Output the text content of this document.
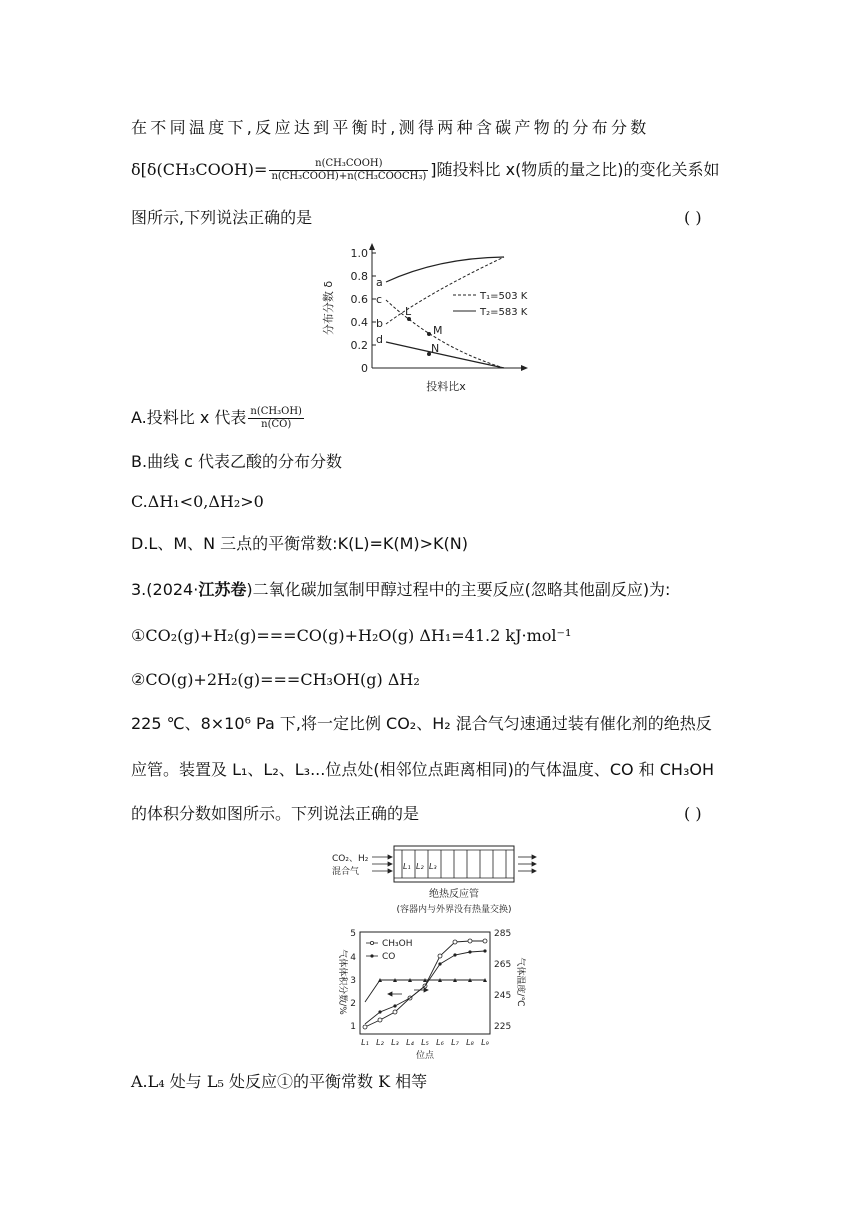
在不同温度下,反应达到平衡时,测得两种含碳产物的分布分数
δ[δ(CH₃COOH)= $\frac{\text{n(CH₃COOH)}}{\text{n(CH₃COOH)+n(CH₃COOCH₃)}}$ ]随投料比 x(物质的量之比)的变化关系如
图所示,下列说法正确的是	( )
1.0
0.8
0.6
0.4
0.2
0
分布分数 δ
投料比x
a
b
c
d
L
M
N
T₁=503 K
T₂=583 K
A.投料比 x 代表 $\frac{\text{n(CH₃OH)}}{n(CO)}$
B.曲线 c 代表乙酸的分布分数
C.ΔH₁<0,ΔH₂>0
D.L、M、N 三点的平衡常数:K(L)=K(M)>K(N)
3.(2024·江苏卷)二氧化碳加氢制甲醇过程中的主要反应(忽略其他副反应)为:
①CO₂(g)+H₂(g)===CO(g)+H₂O(g) ΔH₁=41.2 kJ·mol⁻¹
②CO(g)+2H₂(g)===CH₃OH(g) ΔH₂
225 ℃、8×10⁶ Pa 下,将一定比例 CO₂、H₂ 混合气匀速通过装有催化剂的绝热反
应管。装置及 L₁、L₂、L₃...位点处(相邻位点距离相同)的气体温度、CO 和 CH₃OH
的体积分数如图所示。下列说法正确的是	( )
CO₂、H₂
混合气
L₁ L₂ L₃
绝热反应管
(容器内与外界没有热量交换)
5
4
3
2
1
285
265
245
225
气体体积分数/%	气体温度/℃
L₁ L₂ L₃ L₄ L₅ L₆ L₇ L₈ L₉
位点
CH₃OH
CO
A.L₄ 处与 L₅ 处反应①的平衡常数 K 相等
